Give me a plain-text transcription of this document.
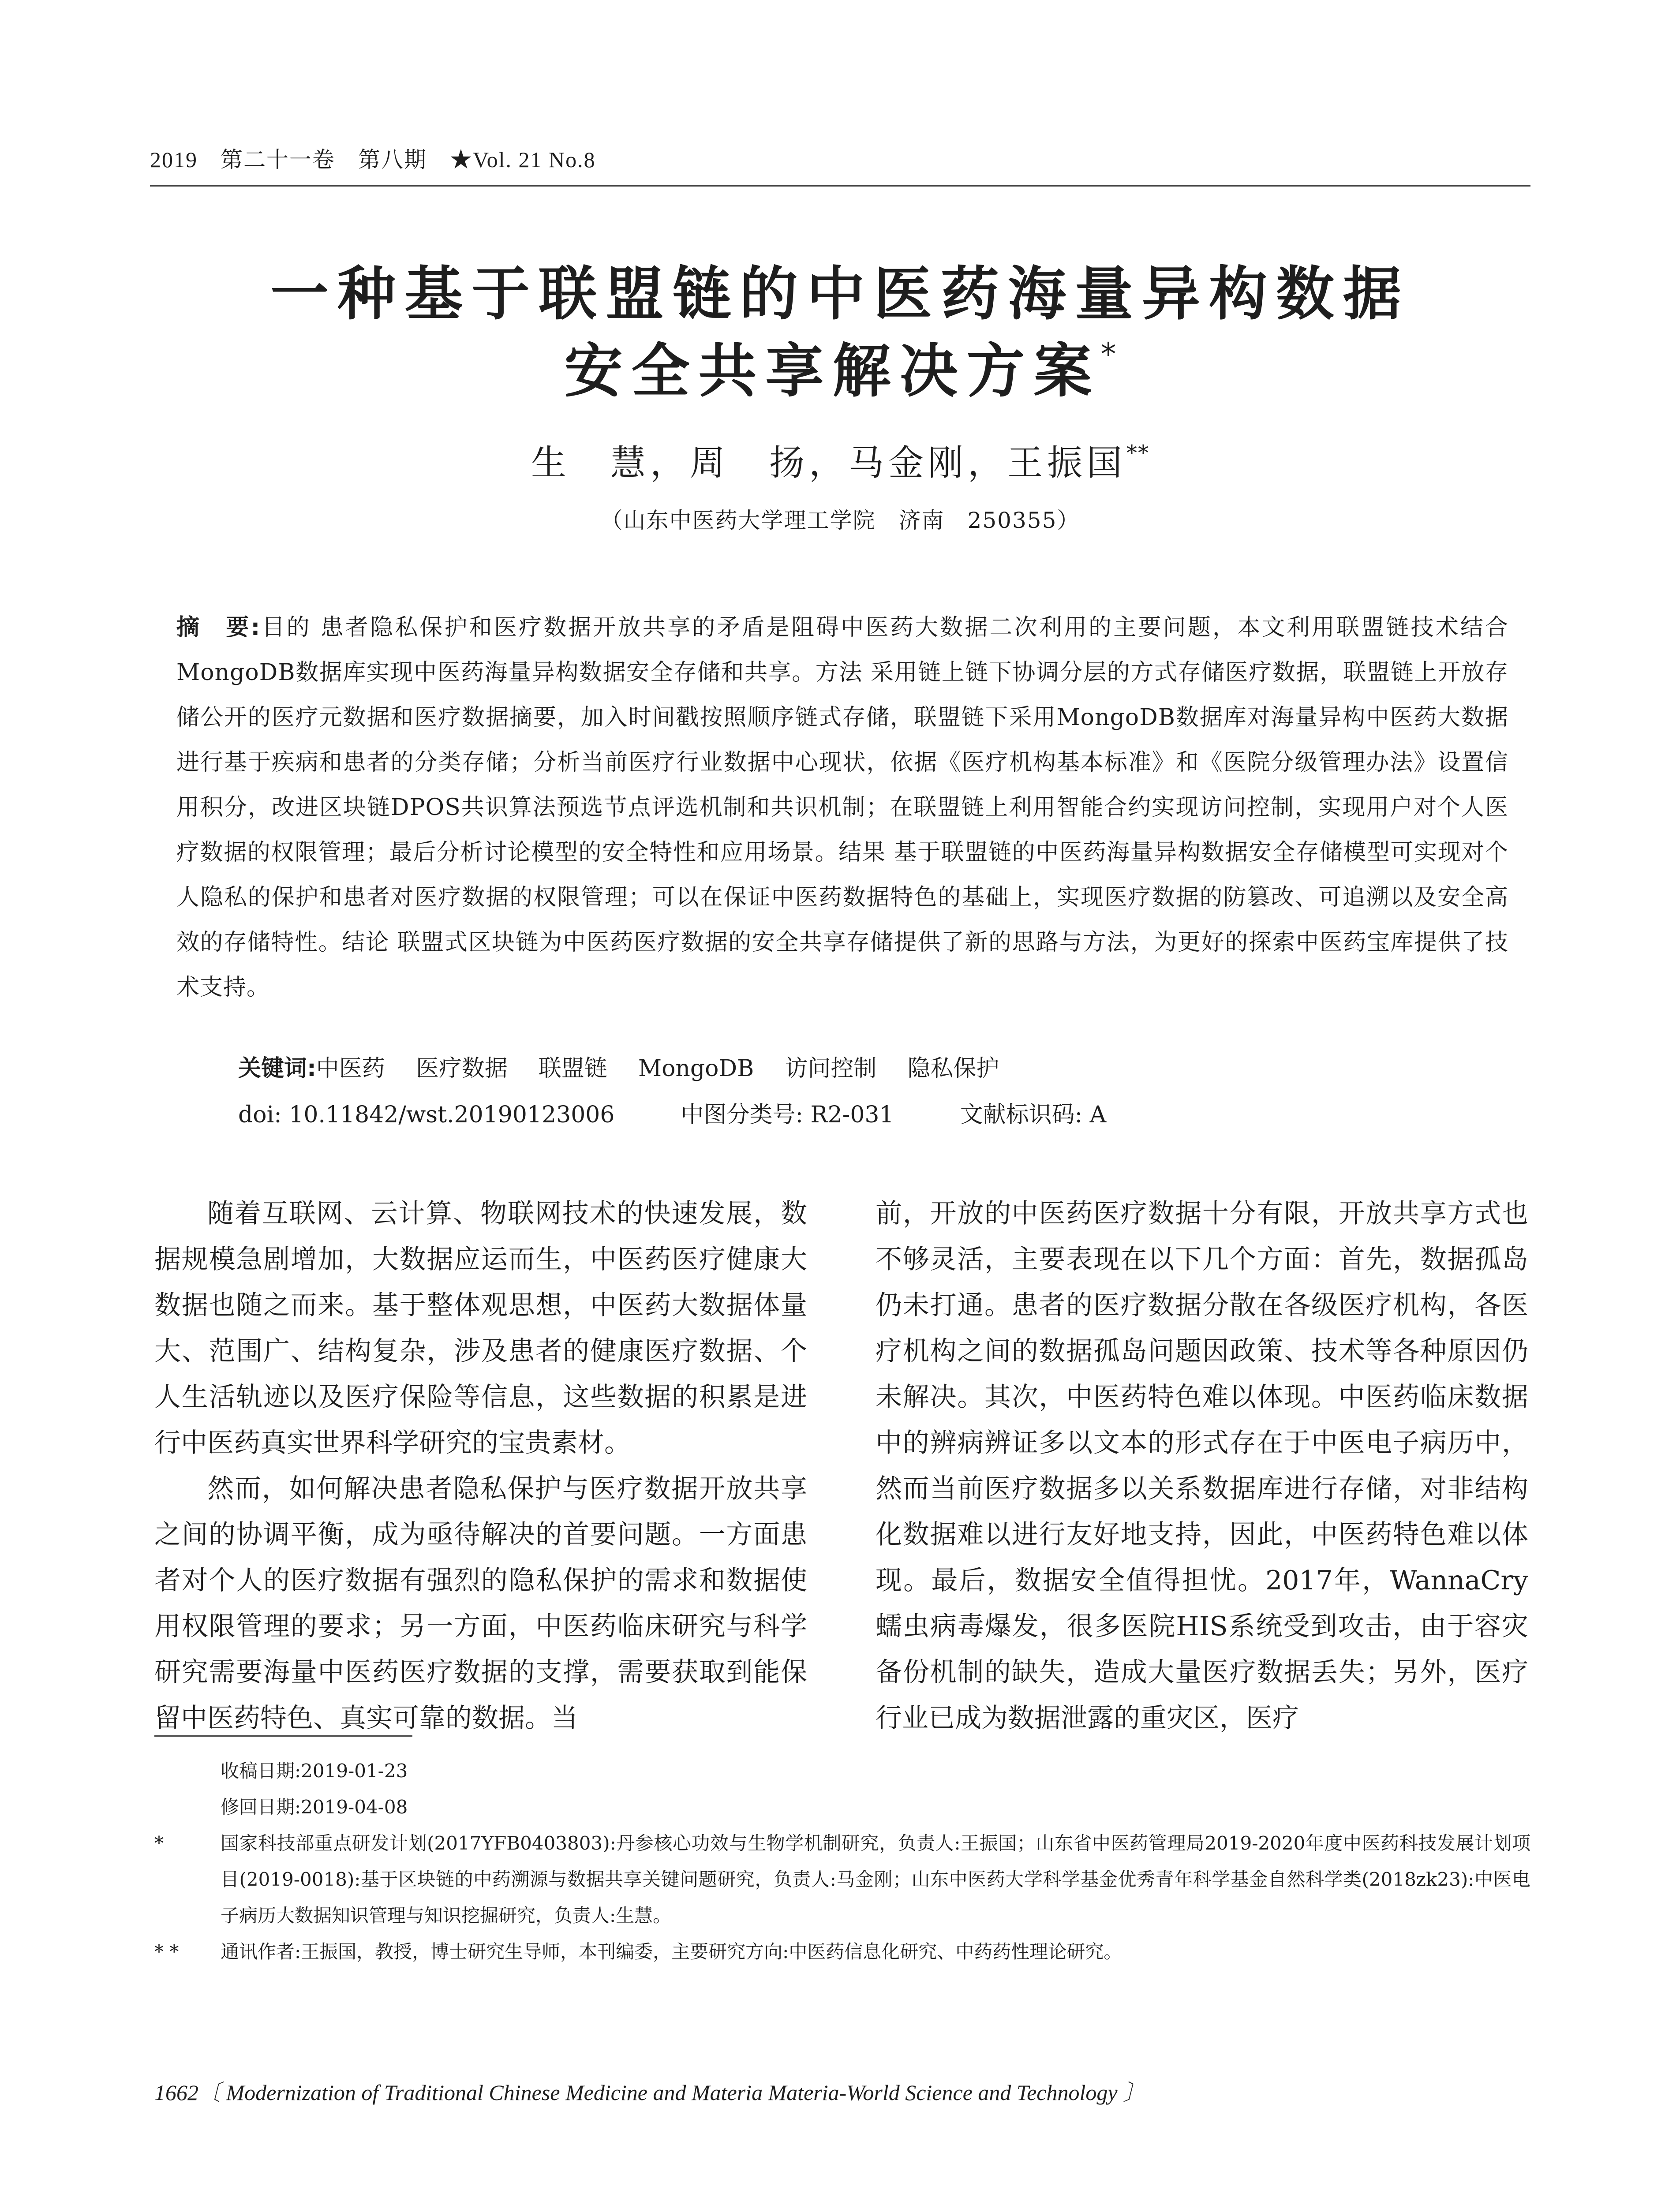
2019　第二十一卷　第八期　★Vol. 21 No.8
一种基于联盟链的中医药海量异构数据
安全共享解决方案*
生　慧，周　扬，马金刚，王振国**
（山东中医药大学理工学院　济南　250355）
摘　要:目的 患者隐私保护和医疗数据开放共享的矛盾是阻碍中医药大数据二次利用的主要问题，本文利用联盟链技术结合MongoDB数据库实现中医药海量异构数据安全存储和共享。方法 采用链上链下协调分层的方式存储医疗数据，联盟链上开放存储公开的医疗元数据和医疗数据摘要，加入时间戳按照顺序链式存储，联盟链下采用MongoDB数据库对海量异构中医药大数据进行基于疾病和患者的分类存储；分析当前医疗行业数据中心现状，依据《医疗机构基本标准》和《医院分级管理办法》设置信用积分，改进区块链DPOS共识算法预选节点评选机制和共识机制；在联盟链上利用智能合约实现访问控制，实现用户对个人医疗数据的权限管理；最后分析讨论模型的安全特性和应用场景。结果 基于联盟链的中医药海量异构数据安全存储模型可实现对个人隐私的保护和患者对医疗数据的权限管理；可以在保证中医药数据特色的基础上，实现医疗数据的防篡改、可追溯以及安全高效的存储特性。结论 联盟式区块链为中医药医疗数据的安全共享存储提供了新的思路与方法，为更好的探索中医药宝库提供了技术支持。
关键词:中医药 医疗数据 联盟链 MongoDB 访问控制 隐私保护
doi: 10.11842/wst.20190123006	中图分类号: R2-031	文献标识码: A

随着互联网、云计算、物联网技术的快速发展，数据规模急剧增加，大数据应运而生，中医药医疗健康大数据也随之而来。基于整体观思想，中医药大数据体量大、范围广、结构复杂，涉及患者的健康医疗数据、个人生活轨迹以及医疗保险等信息，这些数据的积累是进行中医药真实世界科学研究的宝贵素材。

然而，如何解决患者隐私保护与医疗数据开放共享之间的协调平衡，成为亟待解决的首要问题。一方面患者对个人的医疗数据有强烈的隐私保护的需求和数据使用权限管理的要求；另一方面，中医药临床研究与科学研究需要海量中医药医疗数据的支撑，需要获取到能保留中医药特色、真实可靠的数据。当

前，开放的中医药医疗数据十分有限，开放共享方式也不够灵活，主要表现在以下几个方面：首先，数据孤岛仍未打通。患者的医疗数据分散在各级医疗机构，各医疗机构之间的数据孤岛问题因政策、技术等各种原因仍未解决。其次，中医药特色难以体现。中医药临床数据中的辨病辨证多以文本的形式存在于中医电子病历中，然而当前医疗数据多以关系数据库进行存储，对非结构化数据难以进行友好地支持，因此，中医药特色难以体现。最后，数据安全值得担忧。2017年，WannaCry蠕虫病毒爆发，很多医院HIS系统受到攻击，由于容灾备份机制的缺失，造成大量医疗数据丢失；另外，医疗行业已成为数据泄露的重灾区，医疗

收稿日期:2019-01-23
修回日期:2019-04-08
*	国家科技部重点研发计划(2017YFB0403803):丹参核心功效与生物学机制研究，负责人:王振国；山东省中医药管理局2019-2020年度中医药科技发展计划项目(2019-0018):基于区块链的中药溯源与数据共享关键问题研究，负责人:马金刚；山东中医药大学科学基金优秀青年科学基金自然科学类(2018zk23):中医电子病历大数据知识管理与知识挖掘研究，负责人:生慧。
* * 通讯作者:王振国，教授，博士研究生导师，本刊编委，主要研究方向:中医药信息化研究、中药药性理论研究。
1662〔 Modernization of Traditional Chinese Medicine and Materia Materia-World Science and Technology 〕
